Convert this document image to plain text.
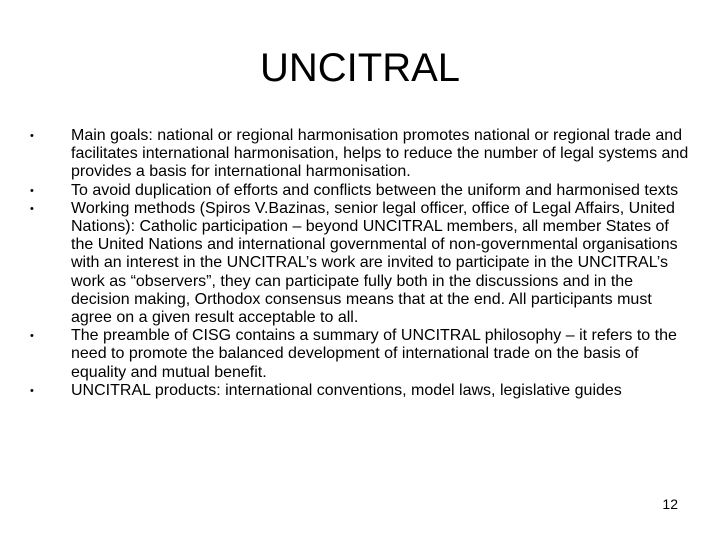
UNCITRAL
•	Main goals: national or regional harmonisation promotes national or regional trade and facilitates international harmonisation, helps to reduce the number of legal systems and provides a basis for international harmonisation.
•	To avoid duplication of efforts and conflicts between the uniform and harmonised texts
•	Working methods (Spiros V.Bazinas, senior legal officer, office of Legal Affairs, United Nations): Catholic participation – beyond UNCITRAL members, all member States of the United Nations and international governmental of non-governmental organisations with an interest in the UNCITRAL’s work are invited to participate in the UNCITRAL’s work as “observers”, they can participate fully both in the discussions and in the decision making, Orthodox consensus means that at the end. All participants must agree on a given result acceptable to all.
•	The preamble of CISG contains a summary of UNCITRAL philosophy – it refers to the need to promote the balanced development of international trade on the basis of equality and mutual benefit.
•	UNCITRAL products: international conventions, model laws, legislative guides
12
